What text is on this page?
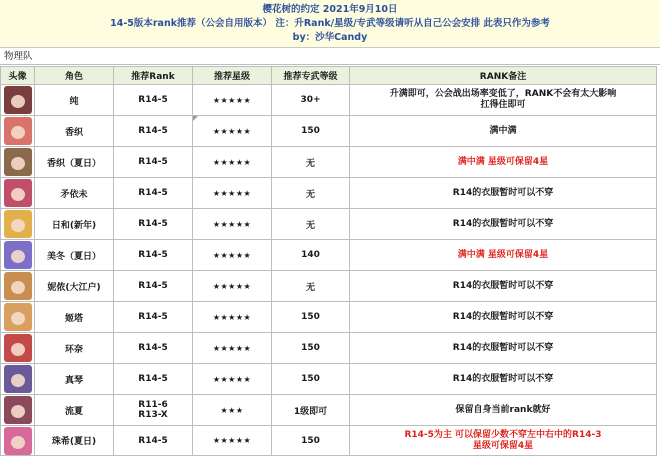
樱花树的约定 2021年9月10日
14-5版本rank推荐（公会自用版本） 注：升Rank/星级/专武等级请听从自己公会安排 此表只作为参考
by：沙华Candy
物理队
头像	角色	推荐Rank	推荐星级	推荐专武等级	RANK备注

	纯	R14-5	★★★★★	30+	升满即可，公会战出场率变低了，RANK不会有太大影响
扛得住即可

	香织	R14-5	★★★★★	150	满中满

	香织（夏日）	R14-5	★★★★★	无	满中满 星级可保留4星

	矛依未	R14-5	★★★★★	无	R14的衣服暂时可以不穿

	日和(新年)	R14-5	★★★★★	无	R14的衣服暂时可以不穿

	美冬（夏日）	R14-5	★★★★★	140	满中满 星级可保留4星

	妮侬(大江户)	R14-5	★★★★★	无	R14的衣服暂时可以不穿

	姬塔	R14-5	★★★★★	150	R14的衣服暂时可以不穿

	环奈	R14-5	★★★★★	150	R14的衣服暂时可以不穿

	真琴	R14-5	★★★★★	150	R14的衣服暂时可以不穿

	流夏	R11-6
R13-X	★★★	1级即可	保留自身当前rank就好

	珠希(夏日)	R14-5	★★★★★	150	R14-5为主 可以保留少数不穿左中右中的R14-3
星级可保留4星
